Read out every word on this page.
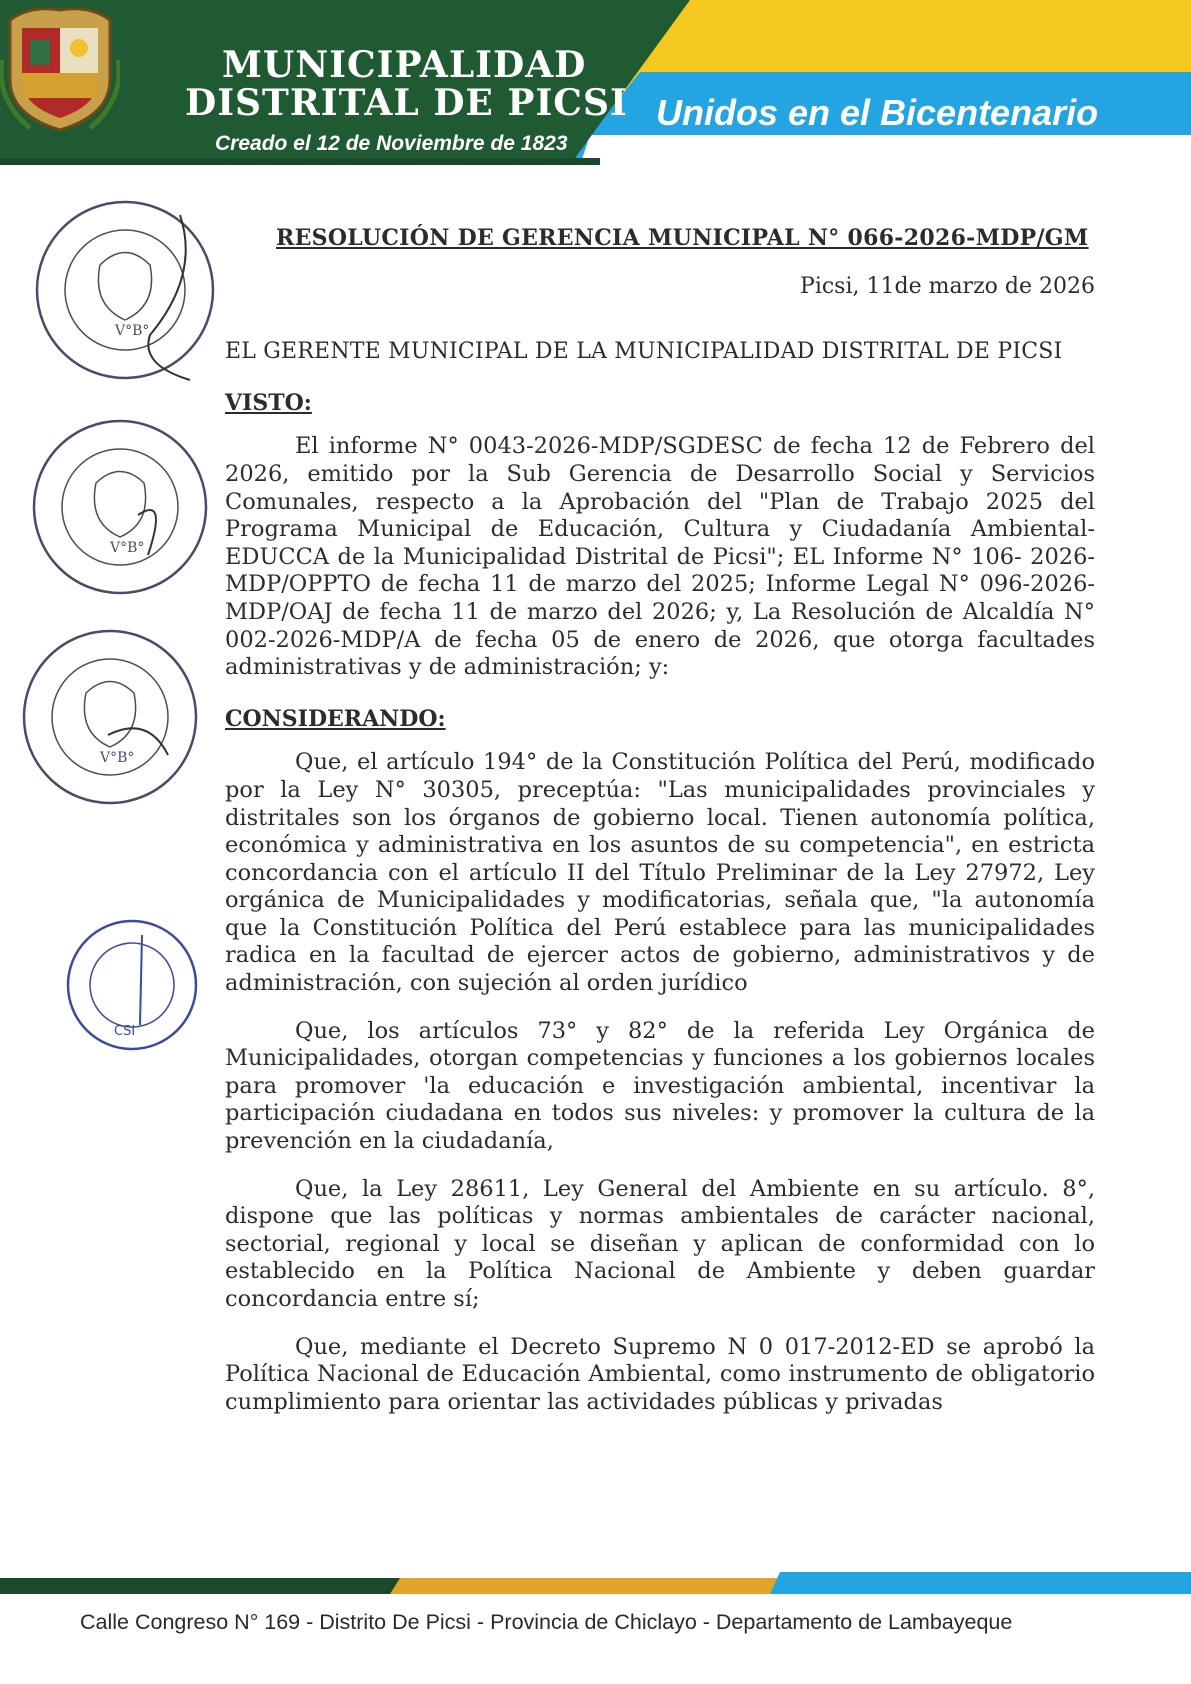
MUNICIPALIDAD
DISTRITAL DE PICSI
Creado el 12 de Noviembre de 1823
Unidos en el Bicentenario
V°B°
V°B°
V°B°
CSI
RESOLUCIÓN DE GERENCIA MUNICIPAL N° 066-2026-MDP/GM
Picsi, 11de marzo de 2026
EL GERENTE MUNICIPAL DE LA MUNICIPALIDAD DISTRITAL DE PICSI
VISTO:

El informe N° 0043-2026-MDP/SGDESC de fecha 12 de Febrero del 2026, emitido por la Sub Gerencia de Desarrollo Social y Servicios Comunales, respecto a la Aprobación del "Plan de Trabajo 2025 del Programa Municipal de Educación, Cultura y Ciudadanía Ambiental-EDUCCA de la Municipalidad Distrital de Picsi"; EL Informe N° 106- 2026-MDP/OPPTO de fecha 11 de marzo del 2025; Informe Legal N° 096-2026-MDP/OAJ de fecha 11 de marzo del 2026; y, La Resolución de Alcaldía N° 002-2026-MDP/A de fecha 05 de enero de 2026, que otorga facultades administrativas y de administración; y:

CONSIDERANDO:

Que, el artículo 194° de la Constitución Política del Perú, modificado por la Ley N° 30305, preceptúa: "Las municipalidades provinciales y distritales son los órganos de gobierno local. Tienen autonomía política, económica y administrativa en los asuntos de su competencia", en estricta concordancia con el artículo II del Título Preliminar de la Ley 27972, Ley orgánica de Municipalidades y modificatorias, señala que, "la autonomía que la Constitución Política del Perú establece para las municipalidades radica en la facultad de ejercer actos de gobierno, administrativos y de administración, con sujeción al orden jurídico

Que, los artículos 73° y 82° de la referida Ley Orgánica de Municipalidades, otorgan competencias y funciones a los gobiernos locales para promover 'la educación e investigación ambiental, incentivar la participación ciudadana en todos sus niveles: y promover la cultura de la prevención en la ciudadanía,

Que, la Ley 28611, Ley General del Ambiente en su artículo. 8°, dispone que las políticas y normas ambientales de carácter nacional, sectorial, regional y local se diseñan y aplican de conformidad con lo establecido en la Política Nacional de Ambiente y deben guardar concordancia entre sí;

Que, mediante el Decreto Supremo N 0 017-2012-ED se aprobó la Política Nacional de Educación Ambiental, como instrumento de obligatorio cumplimiento para orientar las actividades públicas y privadas

Calle Congreso N° 169 - Distrito De Picsi - Provincia de Chiclayo - Departamento de Lambayeque
